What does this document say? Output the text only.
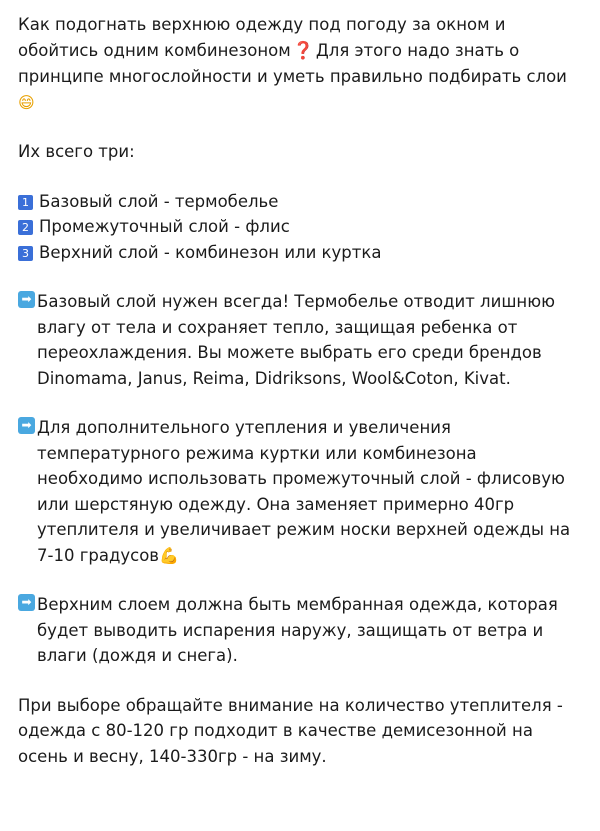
Как подогнать верхнюю одежду под погоду за окном и обойтись одним комбинезоном ❓ Для этого надо знать о принципе многослойности и уметь правильно подбирать слои😄

Их всего три:

1 Базовый слой - термобелье
2 Промежуточный слой - флис
3 Верхний слой - комбинезон или куртка
➡ Базовый слой нужен всегда! Термобелье отводит лишнюю влагу от тела и сохраняет тепло, защищая ребенка от переохлаждения. Вы можете выбрать его среди брендов Dinomama, Janus, Reima, Didriksons, Wool&Coton, Kivat.
➡ Для дополнительного утепления и увеличения температурного режима куртки или комбинезона необходимо использовать промежуточный слой - флисовую или шерстяную одежду. Она заменяет примерно 40гр утеплителя и увеличивает режим носки верхней одежды на 7-10 градусов💪
➡ Верхним слоем должна быть мембранная одежда, которая будет выводить испарения наружу, защищать от ветра и влаги (дождя и снега).

При выборе обращайте внимание на количество утеплителя - одежда с 80-120 гр подходит в качестве демисезонной на осень и весну, 140-330гр - на зиму.
